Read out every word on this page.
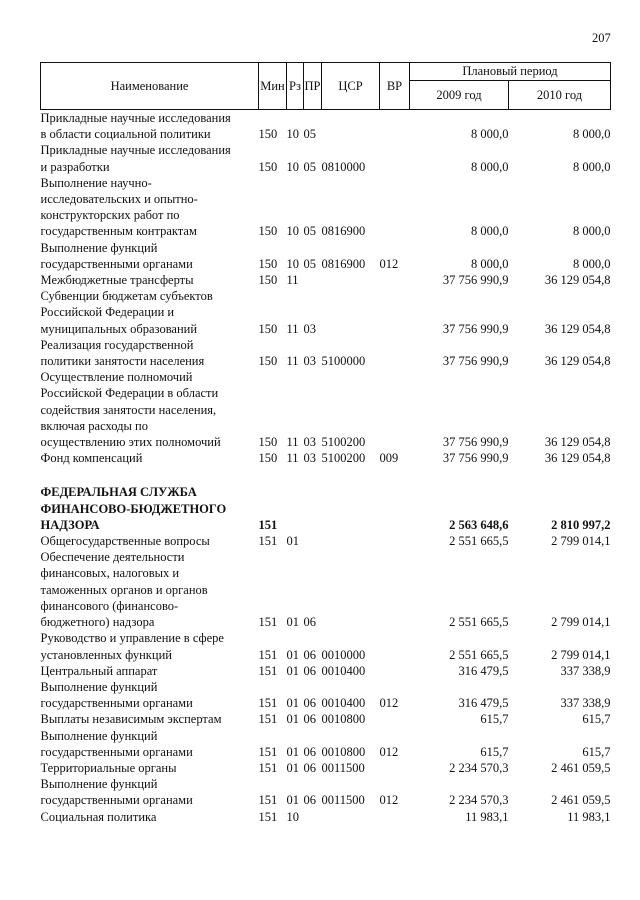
207
Наименование	Мин	Рз	ПР	ЦСР	ВР	Плановый период	
						2009 год	2010 год

Прикладные научные исследования
в области социальной политики	150	10	05			8 000,0	8 000,0

Прикладные научные исследования
и разработки	150	10	05	0810000		8 000,0	8 000,0

Выполнение научно-
исследовательских и опытно-
конструкторских работ по
государственным контрактам	150	10	05	0816900		8 000,0	8 000,0

Выполнение функций
государственными органами	150	10	05	0816900	012	8 000,0	8 000,0

Межбюджетные трансферты	150	11				37 756 990,9	36 129 054,8

Субвенции бюджетам субъектов
Российской Федерации и
муниципальных образований	150	11	03			37 756 990,9	36 129 054,8

Реализация государственной
политики занятости населения	150	11	03	5100000		37 756 990,9	36 129 054,8

Осуществление полномочий
Российской Федерации в области
содействия занятости населения,
включая расходы по
осуществлению этих полномочий	150	11	03	5100200		37 756 990,9	36 129 054,8

Фонд компенсаций	150	11	03	5100200	009	37 756 990,9	36 129 054,8

ФЕДЕРАЛЬНАЯ СЛУЖБА
ФИНАНСОВО-БЮДЖЕТНОГО
НАДЗОРА	151					2 563 648,6	2 810 997,2

Общегосударственные вопросы	151	01				2 551 665,5	2 799 014,1

Обеспечение деятельности
финансовых, налоговых и
таможенных органов и органов
финансового (финансово-
бюджетного) надзора	151	01	06			2 551 665,5	2 799 014,1

Руководство и управление в сфере
установленных функций	151	01	06	0010000		2 551 665,5	2 799 014,1

Центральный аппарат	151	01	06	0010400		316 479,5	337 338,9

Выполнение функций
государственными органами	151	01	06	0010400	012	316 479,5	337 338,9

Выплаты независимым экспертам	151	01	06	0010800		615,7	615,7

Выполнение функций
государственными органами	151	01	06	0010800	012	615,7	615,7

Территориальные органы	151	01	06	0011500		2 234 570,3	2 461 059,5

Выполнение функций
государственными органами	151	01	06	0011500	012	2 234 570,3	2 461 059,5

Социальная политика	151	10				11 983,1	11 983,1
